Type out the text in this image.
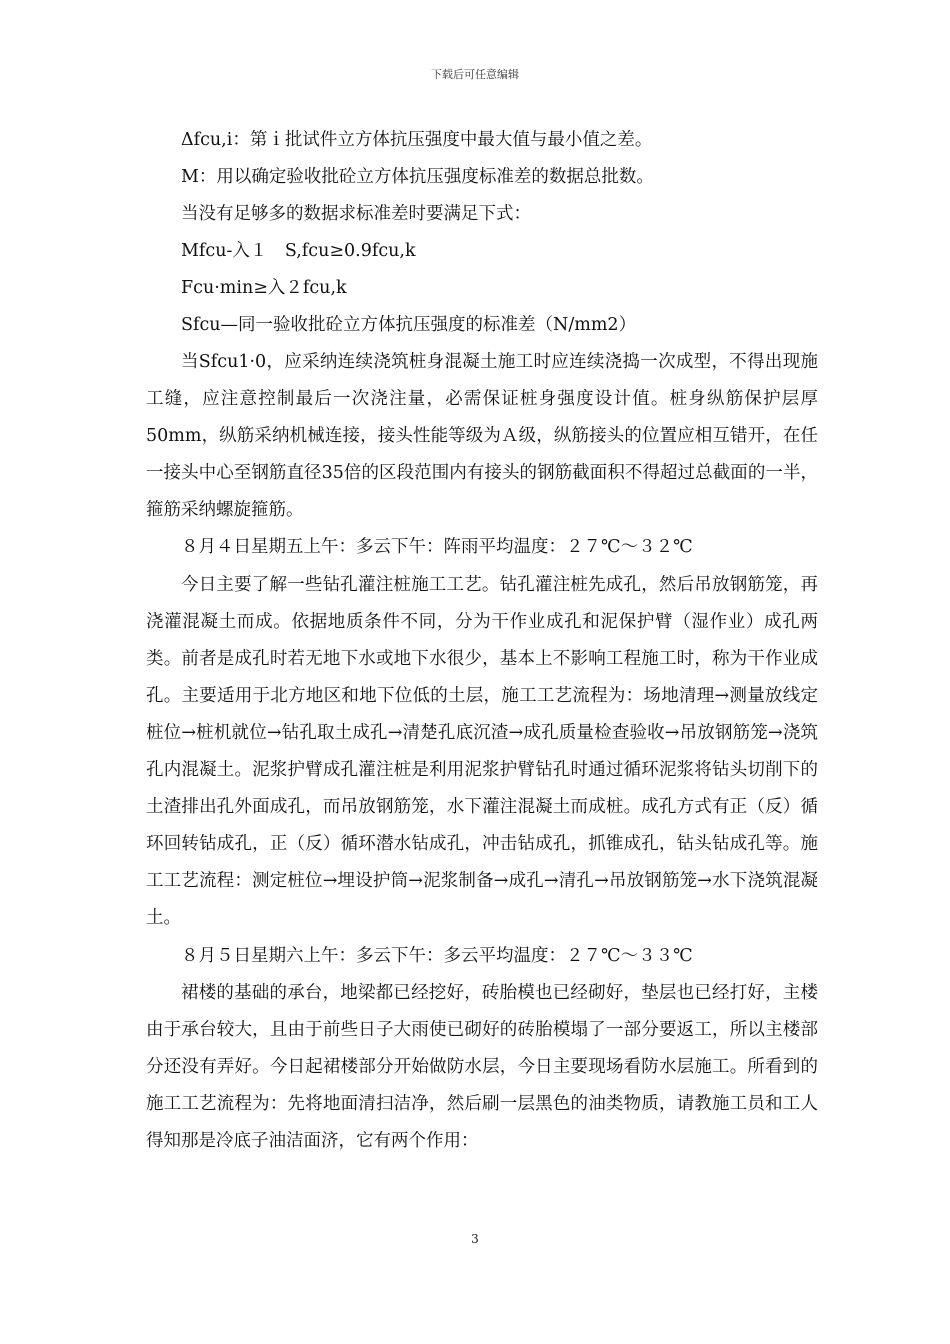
下载后可任意编辑
Δfcu,i：第ｉ批试件立方体抗压强度中最大值与最小值之差。
M：用以确定验收批砼立方体抗压强度标准差的数据总批数。
当没有足够多的数据求标准差时要满足下式：
Mfcu-入１　S,fcu≥0.9fcu,k
Fcu·min≥入２fcu,k
Sfcu—同一验收批砼立方体抗压强度的标准差（N/mm2）

当Sfcu1·0，应采纳连续浇筑桩身混凝土施工时应连续浇捣一次成型，不得出现施工缝，应注意控制最后一次浇注量，必需保证桩身强度设计值。桩身纵筋保护层厚50mm，纵筋采纳机械连接，接头性能等级为Ａ级，纵筋接头的位置应相互错开，在任一接头中心至钢筋直径35倍的区段范围内有接头的钢筋截面积不得超过总截面的一半，箍筋采纳螺旋箍筋。

８月４日星期五上午：多云下午：阵雨平均温度：２７℃～３２℃

今日主要了解一些钻孔灌注桩施工工艺。钻孔灌注桩先成孔，然后吊放钢筋笼，再浇灌混凝土而成。依据地质条件不同，分为干作业成孔和泥保护臂（湿作业）成孔两类。前者是成孔时若无地下水或地下水很少，基本上不影响工程施工时，称为干作业成孔。主要适用于北方地区和地下位低的土层，施工工艺流程为：场地清理→测量放线定桩位→桩机就位→钻孔取土成孔→清楚孔底沉渣→成孔质量检查验收→吊放钢筋笼→浇筑孔内混凝土。泥浆护臂成孔灌注桩是利用泥浆护臂钻孔时通过循环泥浆将钻头切削下的土渣排出孔外面成孔，而吊放钢筋笼，水下灌注混凝土而成桩。成孔方式有正（反）循环回转钻成孔，正（反）循环潜水钻成孔，冲击钻成孔，抓锥成孔，钻头钻成孔等。施工工艺流程：测定桩位→埋设护筒→泥浆制备→成孔→清孔→吊放钢筋笼→水下浇筑混凝土。

８月５日星期六上午：多云下午：多云平均温度：２７℃～３３℃

裙楼的基础的承台，地梁都已经挖好，砖胎模也已经砌好，垫层也已经打好，主楼由于承台较大，且由于前些日子大雨使已砌好的砖胎模塌了一部分要返工，所以主楼部分还没有弄好。今日起裙楼部分开始做防水层，今日主要现场看防水层施工。所看到的施工工艺流程为：先将地面清扫洁净，然后刷一层黑色的油类物质，请教施工员和工人得知那是冷底子油洁面济，它有两个作用：

3
